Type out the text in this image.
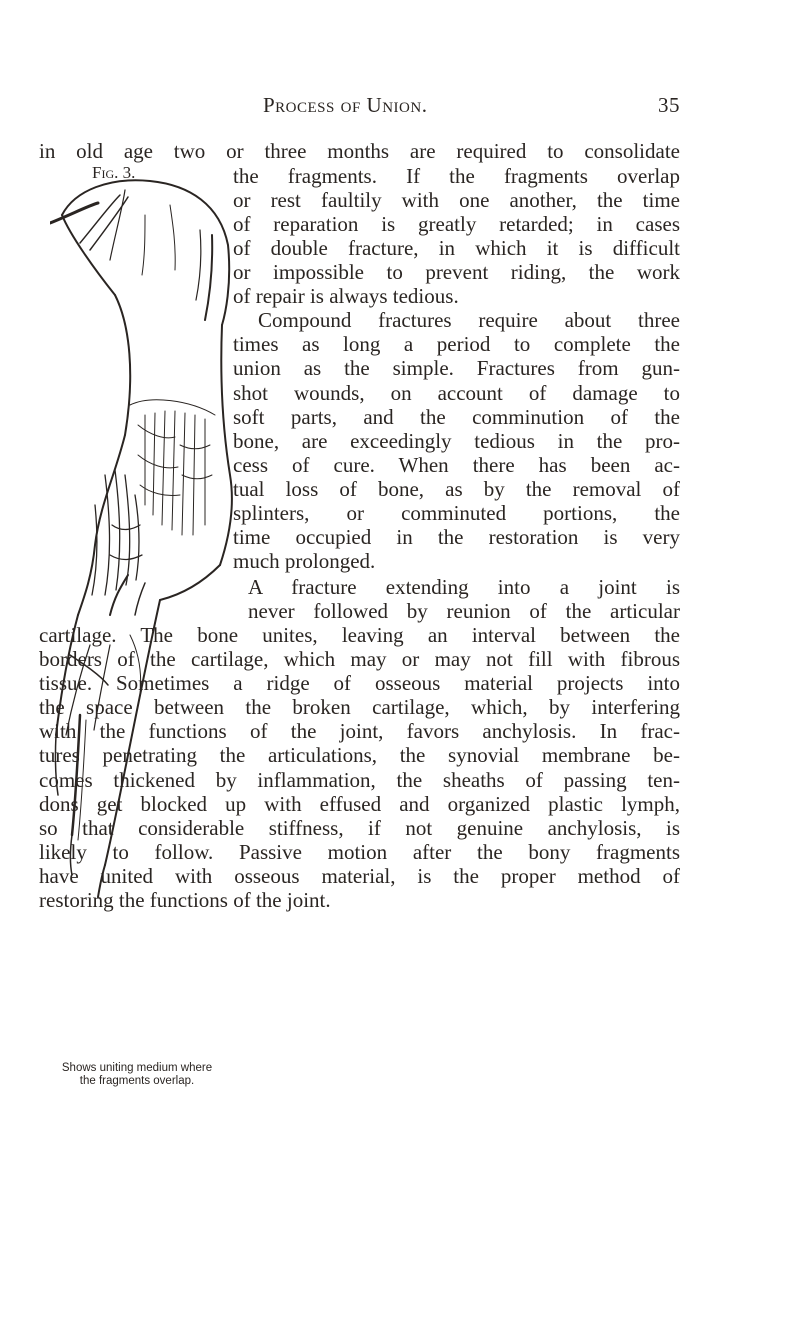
Process of Union.	35
Fig. 3.
Shows uniting medium where
the fragments overlap.
in old age two or three months are required to consolidate
the fragments. If the fragments overlap
or rest faultily with one another, the time
of reparation is greatly retarded; in cases
of double fracture, in which it is difficult
or impossible to prevent riding, the work
of repair is always tedious.
Compound fractures require about three
times as long a period to complete the
union as the simple. Fractures from gun-
shot wounds, on account of damage to
soft parts, and the comminution of the
bone, are exceedingly tedious in the pro-
cess of cure. When there has been ac-
tual loss of bone, as by the removal of
splinters, or comminuted portions, the
time occupied in the restoration is very
much prolonged.
A fracture extending into a joint is
never followed by reunion of the articular
cartilage. The bone unites, leaving an interval between the
borders of the cartilage, which may or may not fill with fibrous
tissue. Sometimes a ridge of osseous material projects into
the space between the broken cartilage, which, by interfering
with the functions of the joint, favors anchylosis. In frac-
tures penetrating the articulations, the synovial membrane be-
comes thickened by inflammation, the sheaths of passing ten-
dons get blocked up with effused and organized plastic lymph,
so that considerable stiffness, if not genuine anchylosis, is
likely to follow. Passive motion after the bony fragments
have united with osseous material, is the proper method of
restoring the functions of the joint.
